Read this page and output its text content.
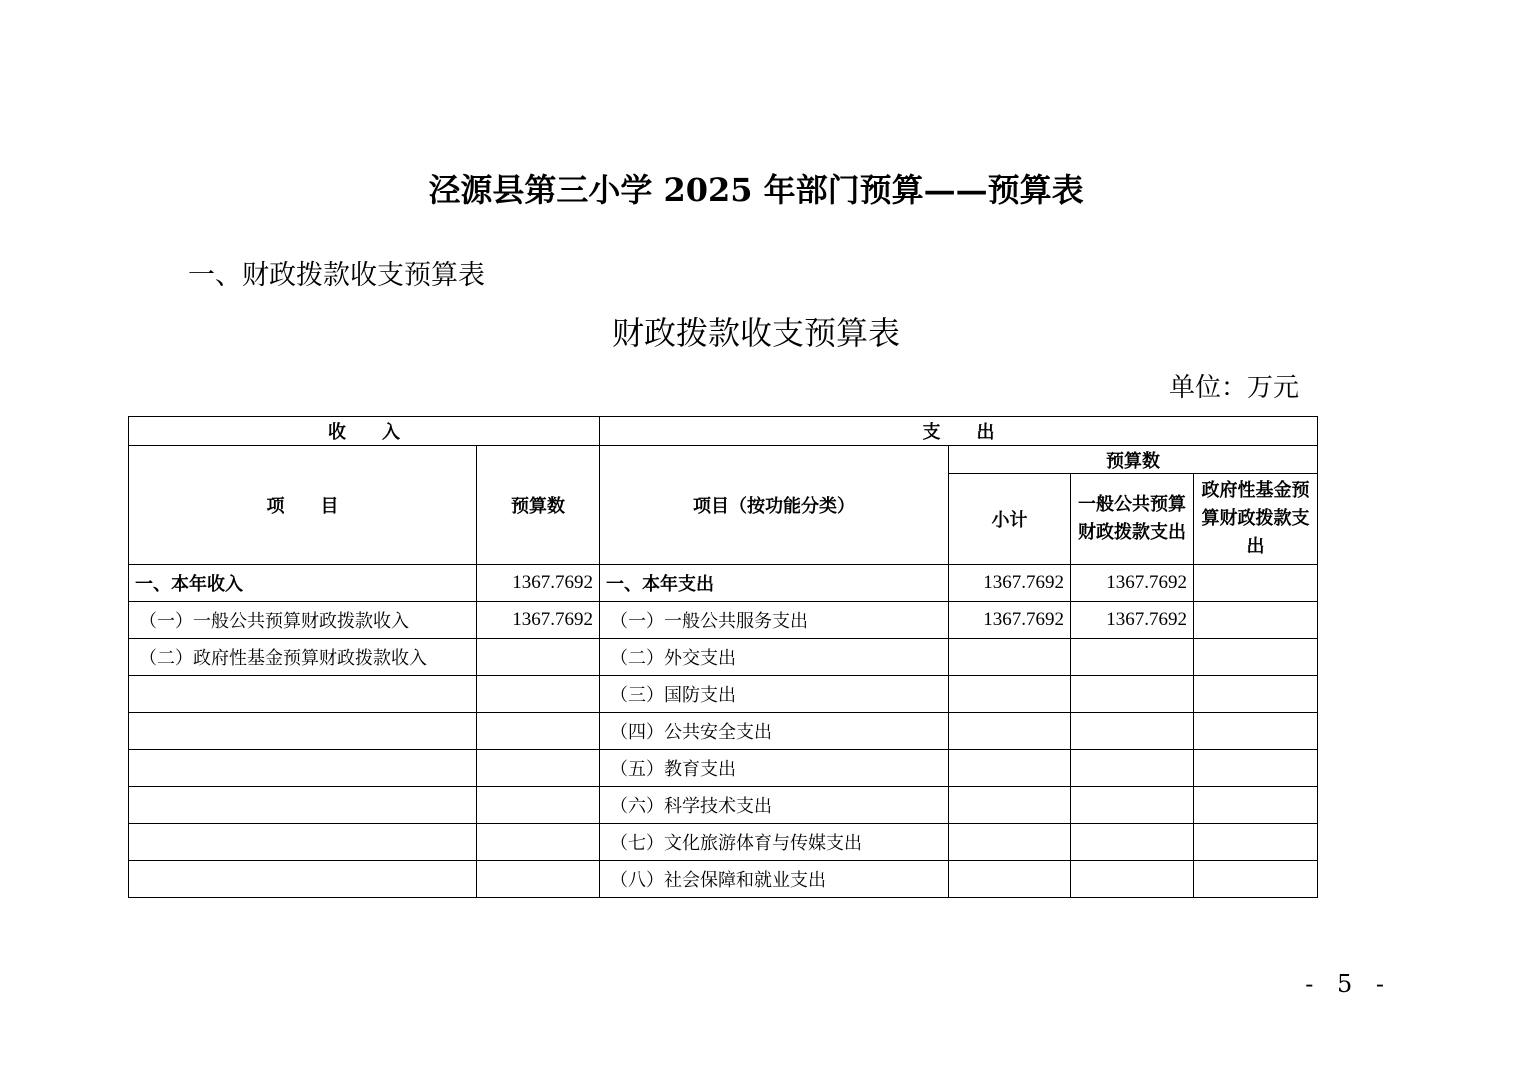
泾源县第三小学 2025 年部门预算——预算表
一、财政拨款收支预算表
财政拨款收支预算表
单位：万元
收　　入		支　　出			
项　　目	预算数	项目（按功能分类）	预算数		
			小计	一般公共预算财政拨款支出	政府性基金预算财政拨款支出
一、本年收入	1367.7692	一、本年支出	1367.7692	1367.7692	
（一）一般公共预算财政拨款收入	1367.7692	（一）一般公共服务支出	1367.7692	1367.7692	
（二）政府性基金预算财政拨款收入		（二）外交支出			
		（三）国防支出			
		（四）公共安全支出			
		（五）教育支出			
		（六）科学技术支出			
		（七）文化旅游体育与传媒支出			
		（八）社会保障和就业支出			
- 5 -
